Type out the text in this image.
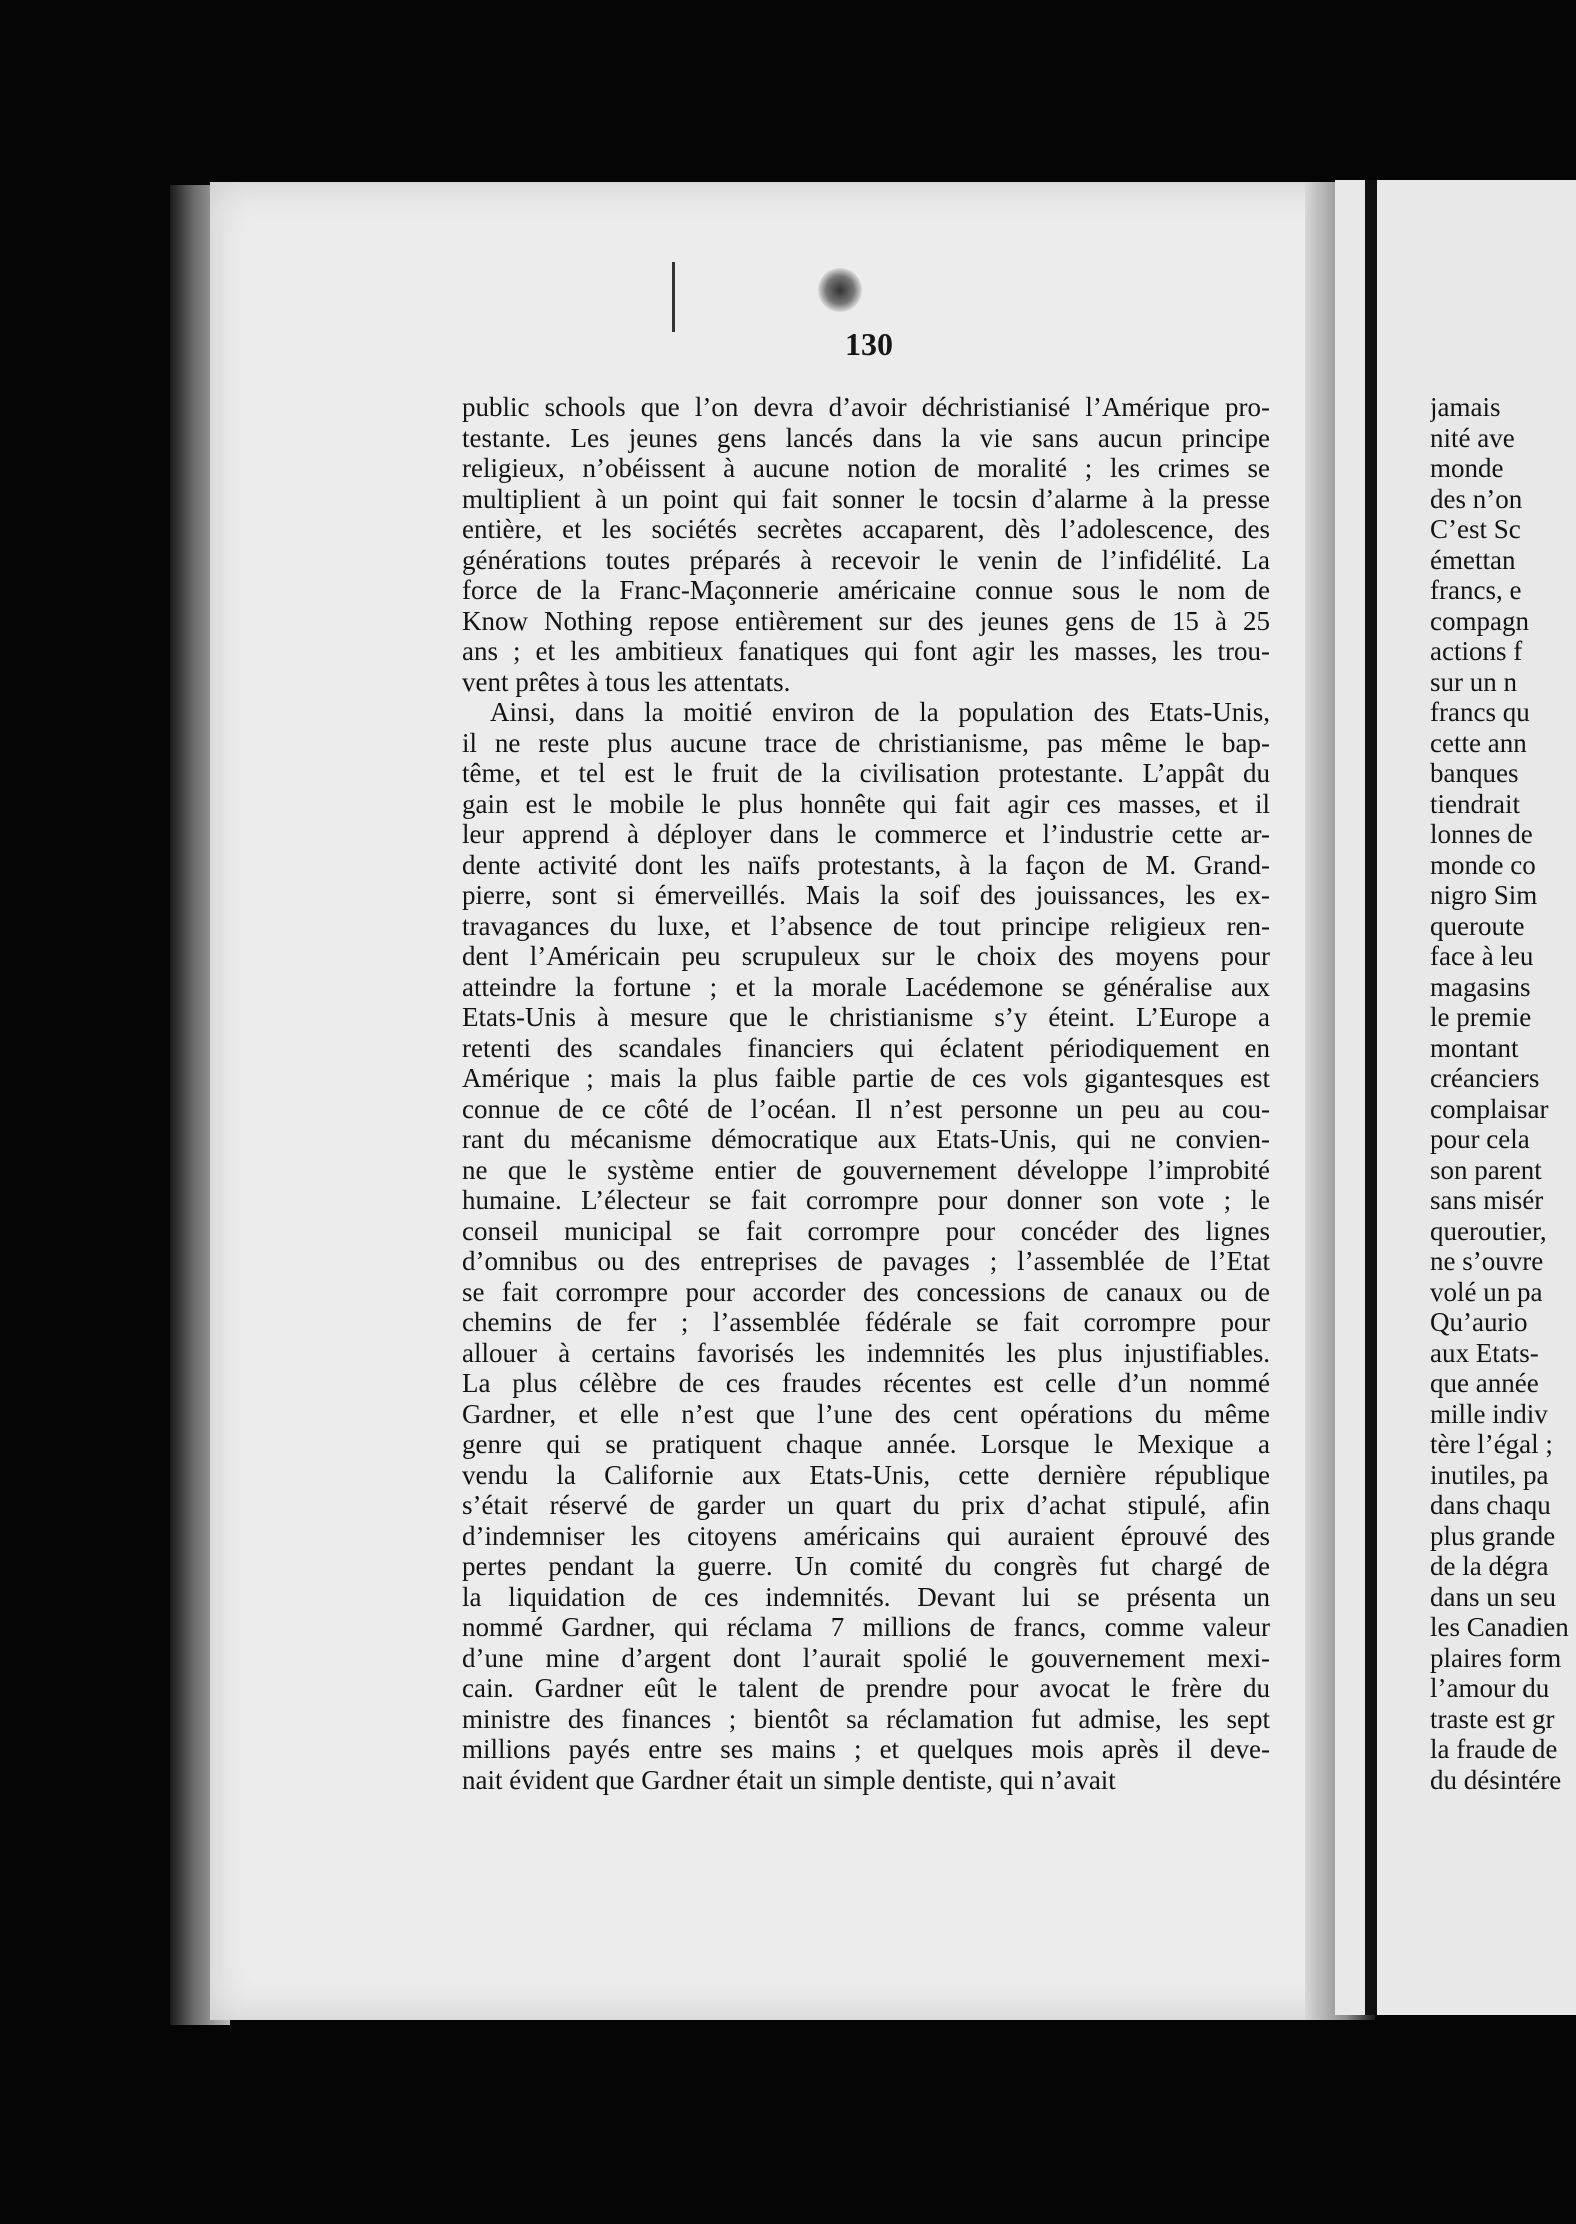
130
public schools que l’on devra d’avoir déchristianisé l’Amérique pro-
testante. Les jeunes gens lancés dans la vie sans aucun principe
religieux, n’obéissent à aucune notion de moralité ; les crimes se
multiplient à un point qui fait sonner le tocsin d’alarme à la presse
entière, et les sociétés secrètes accaparent, dès l’adolescence, des
générations toutes préparés à recevoir le venin de l’infidélité. La
force de la Franc-Maçonnerie américaine connue sous le nom de
Know Nothing repose entièrement sur des jeunes gens de 15 à 25
ans ; et les ambitieux fanatiques qui font agir les masses, les trou-
vent prêtes à tous les attentats.
Ainsi, dans la moitié environ de la population des Etats-Unis,
il ne reste plus aucune trace de christianisme, pas même le bap-
tême, et tel est le fruit de la civilisation protestante. L’appât du
gain est le mobile le plus honnête qui fait agir ces masses, et il
leur apprend à déployer dans le commerce et l’industrie cette ar-
dente activité dont les naïfs protestants, à la façon de M. Grand-
pierre, sont si émerveillés. Mais la soif des jouissances, les ex-
travagances du luxe, et l’absence de tout principe religieux ren-
dent l’Américain peu scrupuleux sur le choix des moyens pour
atteindre la fortune ; et la morale Lacédemone se généralise aux
Etats-Unis à mesure que le christianisme s’y éteint. L’Europe a
retenti des scandales financiers qui éclatent périodiquement en
Amérique ; mais la plus faible partie de ces vols gigantesques est
connue de ce côté de l’océan. Il n’est personne un peu au cou-
rant du mécanisme démocratique aux Etats-Unis, qui ne convien-
ne que le système entier de gouvernement développe l’improbité
humaine. L’électeur se fait corrompre pour donner son vote ; le
conseil municipal se fait corrompre pour concéder des lignes
d’omnibus ou des entreprises de pavages ; l’assemblée de l’Etat
se fait corrompre pour accorder des concessions de canaux ou de
chemins de fer ; l’assemblée fédérale se fait corrompre pour
allouer à certains favorisés les indemnités les plus injustifiables.
La plus célèbre de ces fraudes récentes est celle d’un nommé
Gardner, et elle n’est que l’une des cent opérations du même
genre qui se pratiquent chaque année. Lorsque le Mexique a
vendu la Californie aux Etats-Unis, cette dernière république
s’était réservé de garder un quart du prix d’achat stipulé, afin
d’indemniser les citoyens américains qui auraient éprouvé des
pertes pendant la guerre. Un comité du congrès fut chargé de
la liquidation de ces indemnités. Devant lui se présenta un
nommé Gardner, qui réclama 7 millions de francs, comme valeur
d’une mine d’argent dont l’aurait spolié le gouvernement mexi-
cain. Gardner eût le talent de prendre pour avocat le frère du
ministre des finances ; bientôt sa réclamation fut admise, les sept
millions payés entre ses mains ; et quelques mois après il deve-
nait évident que Gardner était un simple dentiste, qui n’avait
jamais
nité ave
monde
des n’on
C’est Sc
émettan
francs, e
compagn
actions f
sur un n
francs qu
cette ann
banques
tiendrait
lonnes de
monde co
nigro Sim
queroute
face à leu
magasins
le premie
montant
créanciers
complaisar
pour cela
son parent
sans misér
queroutier,
ne s’ouvre
volé un pa
Qu’aurio
aux Etats-
que année
mille indiv
tère l’égal ;
inutiles, pa
dans chaqu
plus grande
de la dégra
dans un seu
les Canadien
plaires form
l’amour du
traste est gr
la fraude de
du désintére
